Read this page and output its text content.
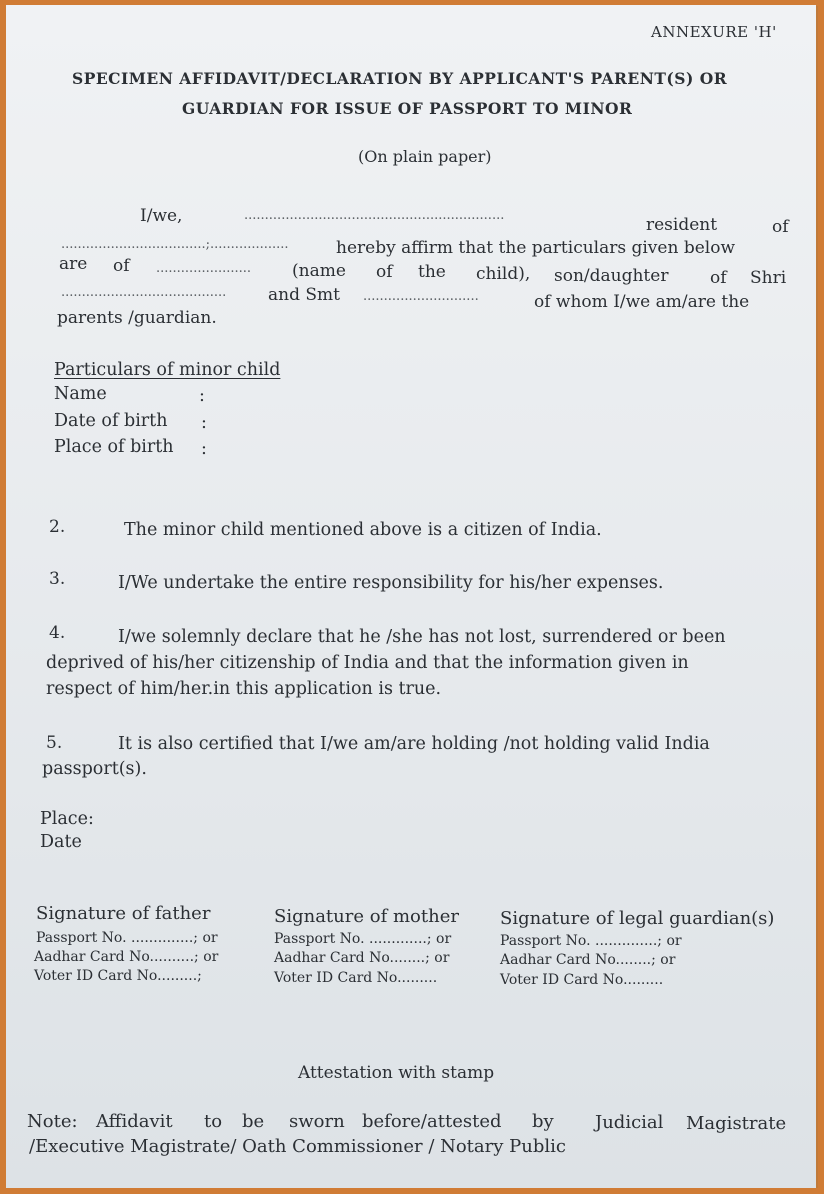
ANNEXURE 'H'
SPECIMEN AFFIDAVIT/DECLARATION BY APPLICANT'S PARENT(S) OR
GUARDIAN FOR ISSUE OF PASSPORT TO MINOR
(On plain paper)
I/we,	...............................................................	resident	of
...................................;...................	hereby affirm that the particulars given below
are of ....................... (name of the child), son/daughter of Shri
........................................ and Smt ............................	of whom I/we am/are the
parents /guardian.
Particulars of minor child
Name	:
Date of birth :
Place of birth :
2.	The minor child mentioned above is a citizen of India.
3.	I/We undertake the entire responsibility for his/her expenses.
4.	I/we solemnly declare that he /she has not lost, surrendered or been
deprived of his/her citizenship of India and that the information given in
respect of him/her.in this application is true.
5.	It is also certified that I/we am/are holding /not holding valid India
passport(s).
Place:
Date
Signature of father
Passport No. ..............; or
Aadhar Card No..........; or
Voter ID Card No.........;
Signature of mother
Passport No. .............; or
Aadhar Card No........; or
Voter ID Card No.........
Signature of legal guardian(s)
Passport No. ..............; or
Aadhar Card No........; or
Voter ID Card No.........
Attestation with stamp
Note: Affidavit to be sworn before/attested by Judicial Magistrate
/Executive Magistrate/ Oath Commissioner / Notary Public
